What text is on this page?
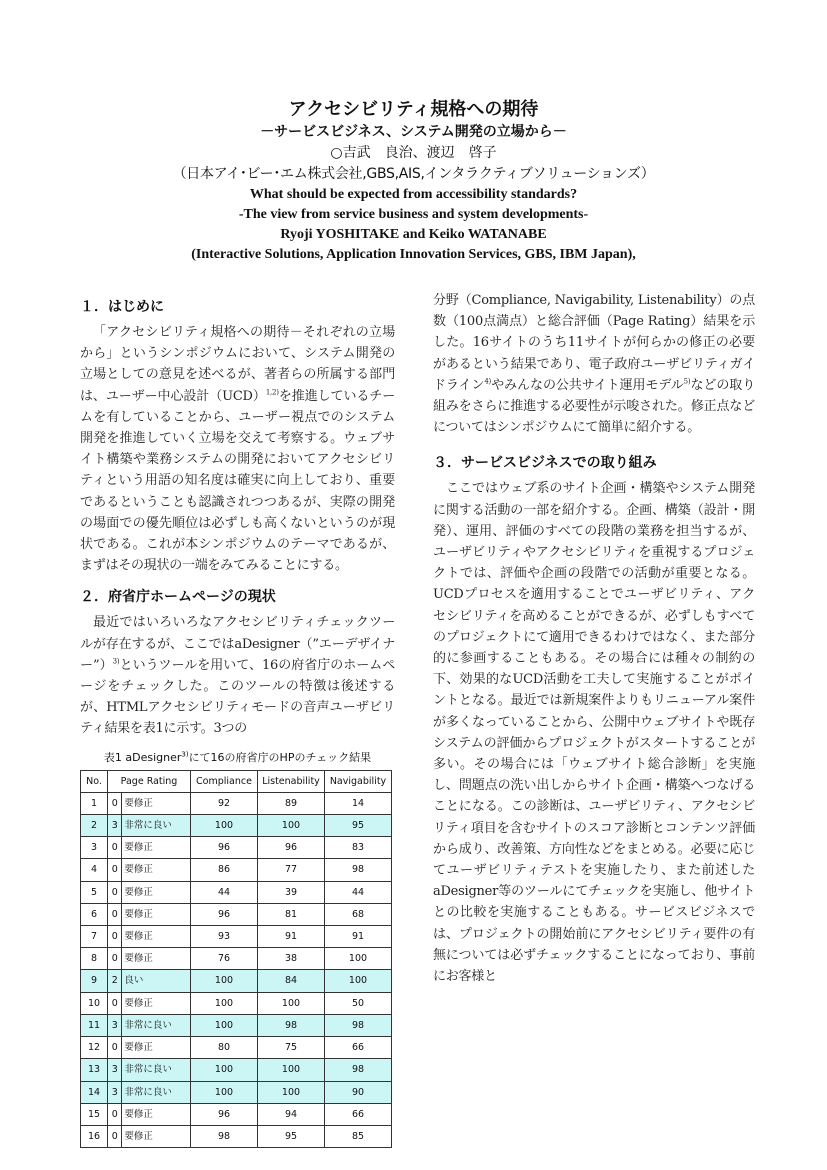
アクセシビリティ規格への期待
－サービスビジネス、システム開発の立場から－
○吉武　良治、渡辺　啓子
（日本アイ･ビー･エム株式会社,GBS,AIS,インタラクティブソリューションズ）
What should be expected from accessibility standards?
-The view from service business and system developments-
Ryoji YOSHITAKE and Keiko WATANABE
(Interactive Solutions, Application Innovation Services, GBS, IBM Japan),
１．はじめに

「アクセシビリティ規格への期待－それぞれの立場から」というシンポジウムにおいて、システム開発の立場としての意見を述べるが、著者らの所属する部門は、ユーザー中心設計（UCD）$^{1,2)}$を推進しているチームを有していることから、ユーザー視点でのシステム開発を推進していく立場を交えて考察する。ウェブサイト構築や業務システムの開発においてアクセシビリティという用語の知名度は確実に向上しており、重要であるということも認識されつつあるが、実際の開発の場面での優先順位は必ずしも高くないというのが現状である。これが本シンポジウムのテーマであるが、まずはその現状の一端をみてみることにする。

２．府省庁ホームページの現状

最近ではいろいろなアクセシビリティチェックツールが存在するが、ここではaDesigner（”エーデザイナー”）$^{3)}$というツールを用いて、16の府省庁のホームページをチェックした。このツールの特徴は後述するが、HTMLアクセシビリティモードの音声ユーザビリティ結果を表1に示す。3つの

表1 aDesigner$^{3)}$にて16の府省庁のHPのチェック結果
No.	Page Rating		Compliance	Listenability	Navigability
1	0	要修正	92	89	14
2	3	非常に良い	100	100	95
3	0	要修正	96	96	83
4	0	要修正	86	77	98
5	0	要修正	44	39	44
6	0	要修正	96	81	68
7	0	要修正	93	91	91
8	0	要修正	76	38	100
9	2	良い	100	84	100
10	0	要修正	100	100	50
11	3	非常に良い	100	98	98
12	0	要修正	80	75	66
13	3	非常に良い	100	100	98
14	3	非常に良い	100	100	90
15	0	要修正	96	94	66
16	0	要修正	98	95	85

分野（Compliance, Navigability, Listenability）の点数（100点満点）と総合評価（Page Rating）結果を示した。16サイトのうち11サイトが何らかの修正の必要があるという結果であり、電子政府ユーザビリティガイドライン$^{4)}$やみんなの公共サイト運用モデル$^{5)}$などの取り組みをさらに推進する必要性が示唆された。修正点などについてはシンポジウムにて簡単に紹介する。

３．サービスビジネスでの取り組み

ここではウェブ系のサイト企画・構築やシステム開発に関する活動の一部を紹介する。企画、構築（設計・開発）、運用、評価のすべての段階の業務を担当するが、ユーザビリティやアクセシビリティを重視するプロジェクトでは、評価や企画の段階での活動が重要となる。UCDプロセスを適用することでユーザビリティ、アクセシビリティを高めることができるが、必ずしもすべてのプロジェクトにて適用できるわけではなく、また部分的に参画することもある。その場合には種々の制約の下、効果的なUCD活動を工夫して実施することがポイントとなる。最近では新規案件よりもリニューアル案件が多くなっていることから、公開中ウェブサイトや既存システムの評価からプロジェクトがスタートすることが多い。その場合には「ウェブサイト総合診断」を実施し、問題点の洗い出しからサイト企画・構築へつなげることになる。この診断は、ユーザビリティ、アクセシビリティ項目を含むサイトのスコア診断とコンテンツ評価から成り、改善策、方向性などをまとめる。必要に応じてユーザビリティテストを実施したり、また前述したaDesigner等のツールにてチェックを実施し、他サイトとの比較を実施することもある。サービスビジネスでは、プロジェクトの開始前にアクセシビリティ要件の有無については必ずチェックすることになっており、事前にお客様と
